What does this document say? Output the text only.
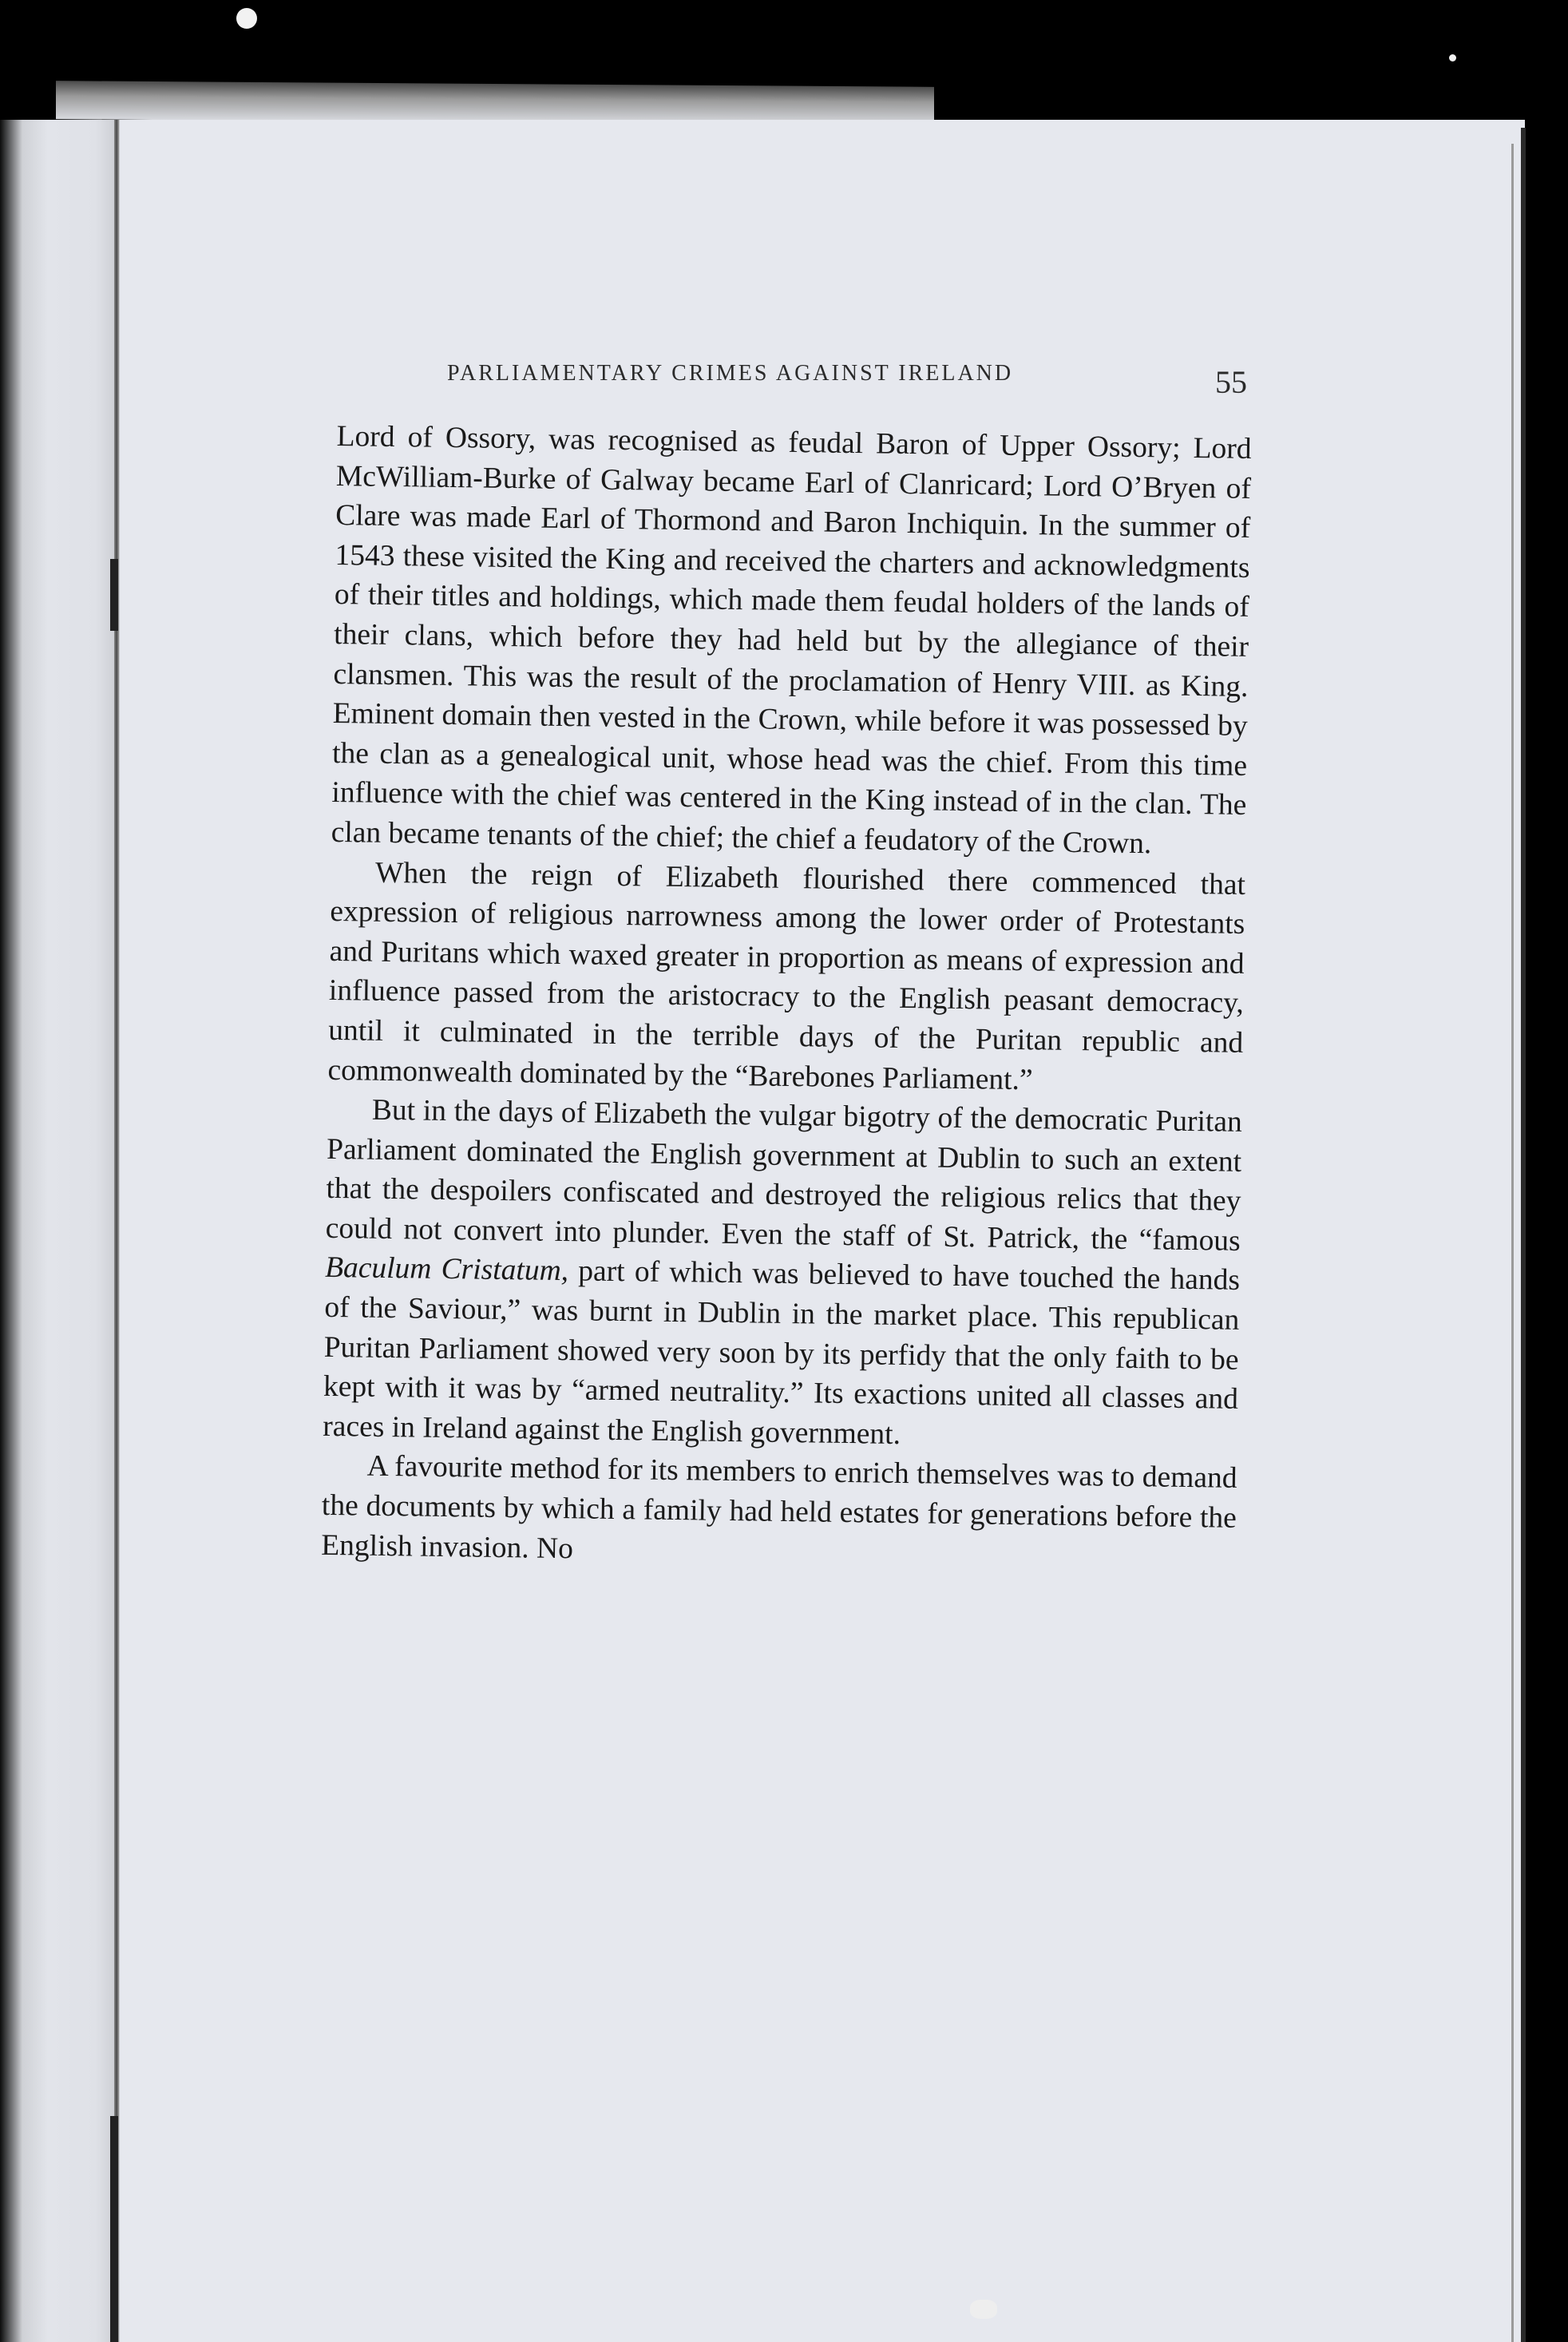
PARLIAMENTARY CRIMES AGAINST IRELAND	55

Lord of Ossory, was recognised as feudal Baron of Upper Ossory; Lord McWilliam-Burke of Galway became Earl of Clanricard; Lord O’Bryen of Clare was made Earl of Thormond and Baron Inchiquin. In the summer of 1543 these visited the King and received the charters and acknowledgments of their titles and holdings, which made them feudal holders of the lands of their clans, which before they had held but by the allegiance of their clansmen. This was the result of the proclamation of Henry VIII. as King. Eminent domain then vested in the Crown, while before it was possessed by the clan as a genealogical unit, whose head was the chief. From this time influence with the chief was centered in the King instead of in the clan. The clan became tenants of the chief; the chief a feudatory of the Crown.

When the reign of Elizabeth flourished there commenced that expression of religious narrowness among the lower order of Protestants and Puritans which waxed greater in proportion as means of expression and influence passed from the aristocracy to the English peasant democracy, until it culminated in the terrible days of the Puritan republic and commonwealth dominated by the “Barebones Parliament.”

But in the days of Elizabeth the vulgar bigotry of the democratic Puritan Parliament dominated the English government at Dublin to such an extent that the despoilers confiscated and destroyed the religious relics that they could not convert into plunder. Even the staff of St. Patrick, the “famous Baculum Cristatum, part of which was believed to have touched the hands of the Saviour,” was burnt in Dublin in the market place. This republican Puritan Parliament showed very soon by its perfidy that the only faith to be kept with it was by “armed neutrality.” Its exactions united all classes and races in Ireland against the English government.

A favourite method for its members to enrich themselves was to demand the documents by which a family had held estates for generations before the English invasion. No
